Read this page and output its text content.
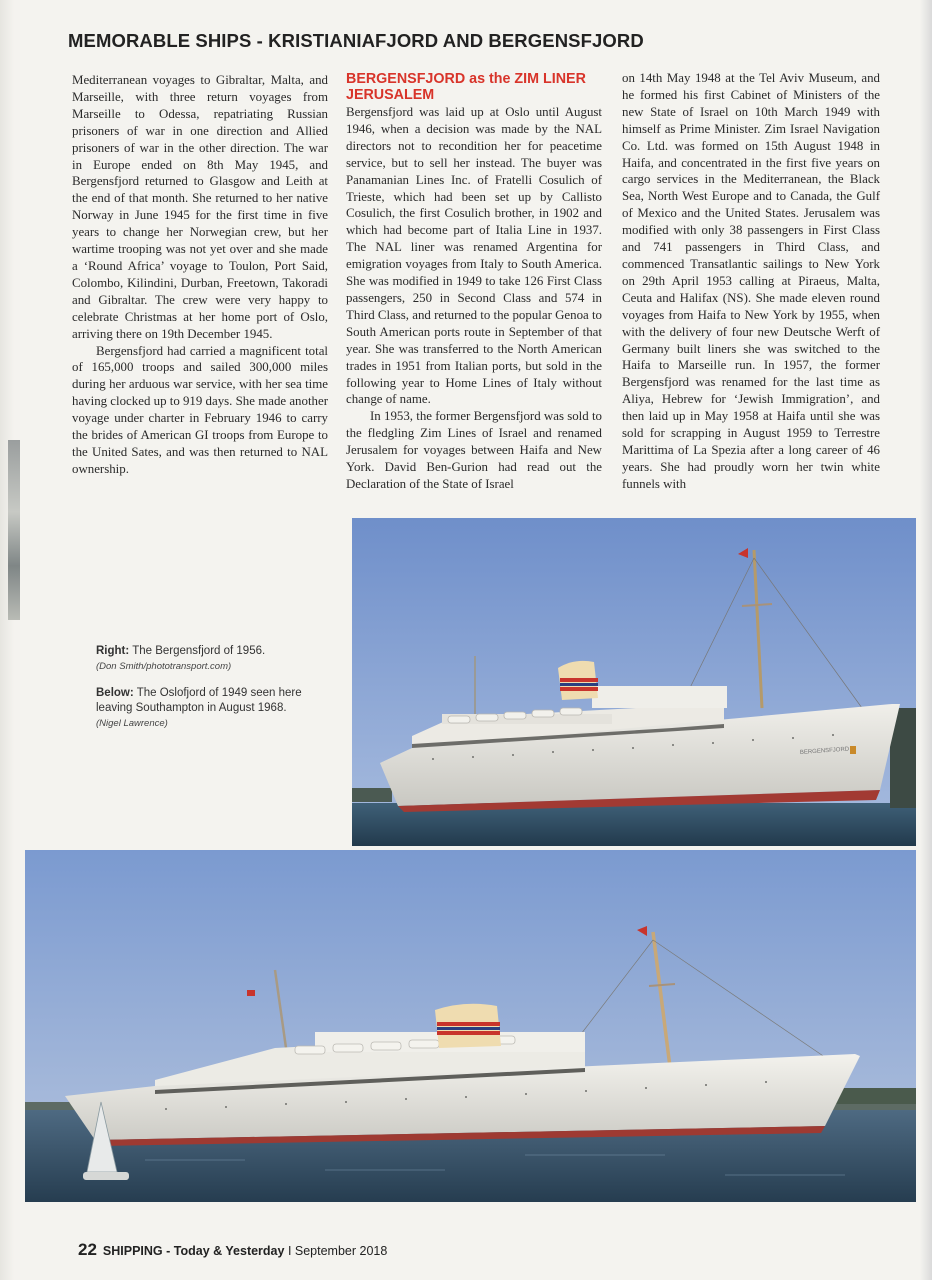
MEMORABLE SHIPS - KRISTIANIAFJORD AND BERGENSFJORD

Mediterranean voyages to Gibraltar, Malta, and Marseille, with three return voyages from Marseille to Odessa, repatriating Russian prisoners of war in one direction and Allied prisoners of war in the other direction. The war in Europe ended on 8th May 1945, and Bergensfjord returned to Glasgow and Leith at the end of that month. She returned to her native Norway in June 1945 for the first time in five years to change her Norwegian crew, but her wartime trooping was not yet over and she made a ‘Round Africa’ voyage to Toulon, Port Said, Colombo, Kilindini, Durban, Freetown, Takoradi and Gibraltar. The crew were very happy to celebrate Christmas at her home port of Oslo, arriving there on 19th December 1945.

Bergensfjord had carried a magnificent total of 165,000 troops and sailed 300,000 miles during her arduous war service, with her sea time having clocked up to 919 days. She made another voyage under charter in February 1946 to carry the brides of American GI troops from Europe to the United Sates, and was then returned to NAL ownership.

BERGENSFJORD as the ZIM LINER JERUSALEM

Bergensfjord was laid up at Oslo until August 1946, when a decision was made by the NAL directors not to recondition her for peacetime service, but to sell her instead. The buyer was Panamanian Lines Inc. of Fratelli Cosulich of Trieste, which had been set up by Callisto Cosulich, the first Cosulich brother, in 1902 and which had become part of Italia Line in 1937. The NAL liner was renamed Argentina for emigration voyages from Italy to South America. She was modified in 1949 to take 126 First Class passengers, 250 in Second Class and 574 in Third Class, and returned to the popular Genoa to South American ports route in September of that year. She was transferred to the North American trades in 1951 from Italian ports, but sold in the following year to Home Lines of Italy without change of name.

In 1953, the former Bergensfjord was sold to the fledgling Zim Lines of Israel and renamed Jerusalem for voyages between Haifa and New York. David Ben-Gurion had read out the Declaration of the State of Israel

on 14th May 1948 at the Tel Aviv Museum, and he formed his first Cabinet of Ministers of the new State of Israel on 10th March 1949 with himself as Prime Minister. Zim Israel Navigation Co. Ltd. was formed on 15th August 1948 in Haifa, and concentrated in the first five years on cargo services in the Mediterranean, the Black Sea, North West Europe and to Canada, the Gulf of Mexico and the United States. Jerusalem was modified with only 38 passengers in First Class and 741 passengers in Third Class, and commenced Transatlantic sailings to New York on 29th April 1953 calling at Piraeus, Malta, Ceuta and Halifax (NS). She made eleven round voyages from Haifa to New York by 1955, when with the delivery of four new Deutsche Werft of Germany built liners she was switched to the Haifa to Marseille run. In 1957, the former Bergensfjord was renamed for the last time as Aliya, Hebrew for ‘Jewish Immigration’, and then laid up in May 1958 at Haifa until she was sold for scrapping in August 1959 to Terrestre Marittima of La Spezia after a long career of 46 years. She had proudly worn her twin white funnels with

Right: The Bergensfjord of 1956.

(Don Smith/phototransport.com)

Below: The Oslofjord of 1949 seen here leaving Southampton in August 1968.

(Nigel Lawrence)

BERGENSFJORD
22 SHIPPING - Today & Yesterday I September 2018
